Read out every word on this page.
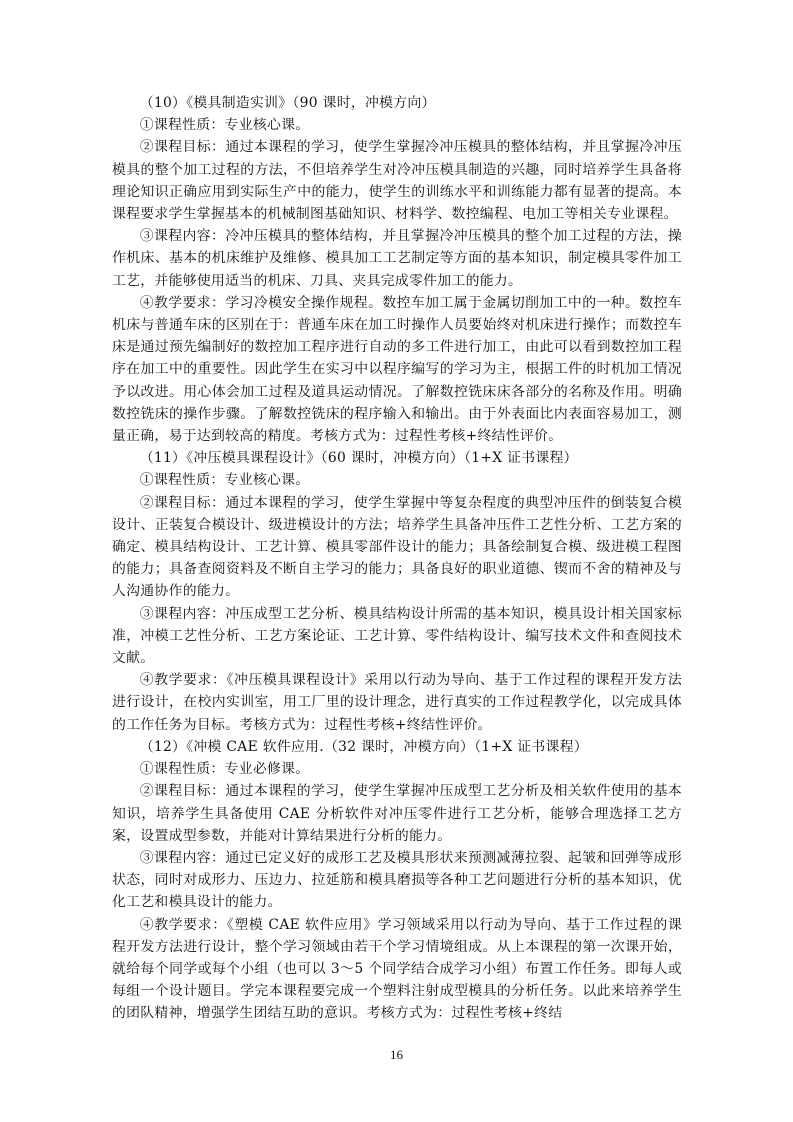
（10）《模具制造实训》（90 课时，冲模方向）

①课程性质：专业核心课。

②课程目标：通过本课程的学习，使学生掌握冷冲压模具的整体结构，并且掌握冷冲压模具的整个加工过程的方法，不但培养学生对冷冲压模具制造的兴趣，同时培养学生具备将理论知识正确应用到实际生产中的能力，使学生的训练水平和训练能力都有显著的提高。本课程要求学生掌握基本的机械制图基础知识、材料学、数控编程、电加工等相关专业课程。

③课程内容：冷冲压模具的整体结构，并且掌握冷冲压模具的整个加工过程的方法，操作机床、基本的机床维护及维修、模具加工工艺制定等方面的基本知识，制定模具零件加工工艺，并能够使用适当的机床、刀具、夹具完成零件加工的能力。

④教学要求：学习冷模安全操作规程。数控车加工属于金属切削加工中的一种。数控车机床与普通车床的区别在于：普通车床在加工时操作人员要始终对机床进行操作；而数控车床是通过预先编制好的数控加工程序进行自动的多工件进行加工，由此可以看到数控加工程序在加工中的重要性。因此学生在实习中以程序编写的学习为主，根据工件的时机加工情况予以改进。用心体会加工过程及道具运动情况。了解数控铣床床各部分的名称及作用。明确数控铣床的操作步骤。了解数控铣床的程序输入和输出。由于外表面比内表面容易加工，测量正确，易于达到较高的精度。考核方式为：过程性考核+终结性评价。

（11）《冲压模具课程设计》（60 课时，冲模方向）（1+X 证书课程）

①课程性质：专业核心课。

②课程目标：通过本课程的学习，使学生掌握中等复杂程度的典型冲压件的倒装复合模设计、正装复合模设计、级进模设计的方法；培养学生具备冲压件工艺性分析、工艺方案的确定、模具结构设计、工艺计算、模具零部件设计的能力；具备绘制复合模、级进模工程图的能力；具备查阅资料及不断自主学习的能力；具备良好的职业道德、锲而不舍的精神及与人沟通协作的能力。

③课程内容：冲压成型工艺分析、模具结构设计所需的基本知识，模具设计相关国家标准，冲模工艺性分析、工艺方案论证、工艺计算、零件结构设计、编写技术文件和查阅技术文献。

④教学要求：《冲压模具课程设计》采用以行动为导向、基于工作过程的课程开发方法进行设计，在校内实训室，用工厂里的设计理念，进行真实的工作过程教学化，以完成具体的工作任务为目标。考核方式为：过程性考核+终结性评价。

（12）《冲模 CAE 软件应用.（32 课时，冲模方向）（1+X 证书课程）

①课程性质：专业必修课。

②课程目标：通过本课程的学习，使学生掌握冲压成型工艺分析及相关软件使用的基本知识，培养学生具备使用 CAE 分析软件对冲压零件进行工艺分析，能够合理选择工艺方案，设置成型参数，并能对计算结果进行分析的能力。

③课程内容：通过已定义好的成形工艺及模具形状来预测减薄拉裂、起皱和回弹等成形状态，同时对成形力、压边力、拉延筋和模具磨损等各种工艺问题进行分析的基本知识，优化工艺和模具设计的能力。

④教学要求：《塑模 CAE 软件应用》学习领域采用以行动为导向、基于工作过程的课程开发方法进行设计，整个学习领域由若干个学习情境组成。从上本课程的第一次课开始，就给每个同学或每个小组（也可以 3～5 个同学结合成学习小组）布置工作任务。即每人或每组一个设计题目。学完本课程要完成一个塑料注射成型模具的分析任务。以此来培养学生的团队精神，增强学生团结互助的意识。考核方式为：过程性考核+终结

16
